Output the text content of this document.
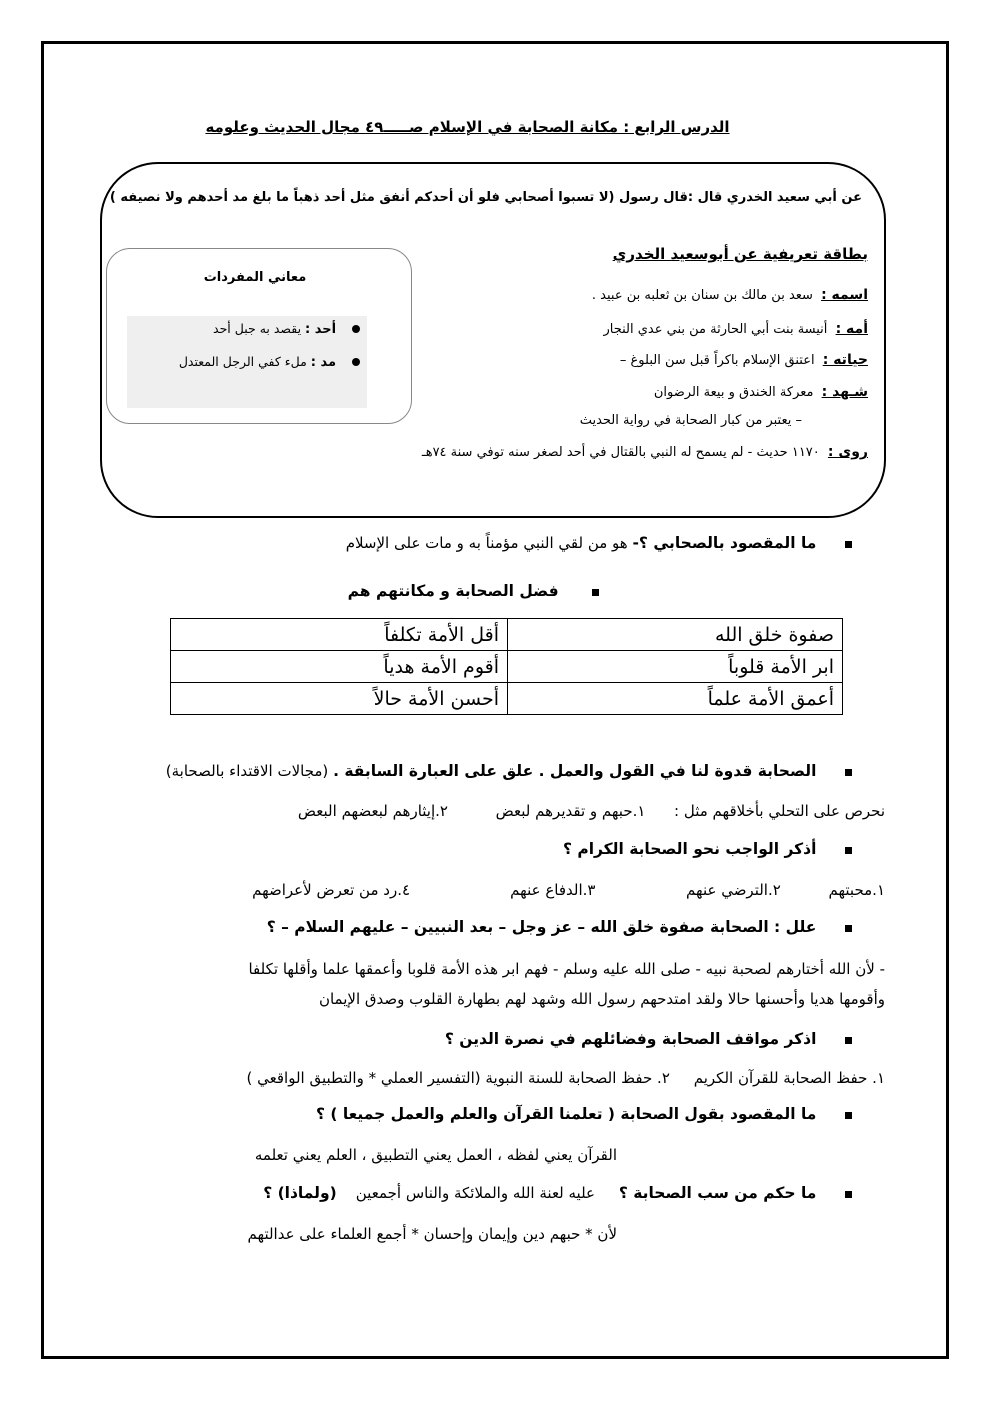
الدرس الرابع : مكانة الصحابة في الإسلام صـــــ٤٩ مجال الحديث وعلومه
عن أبي سعيد الخدري قال :قال رسول (لا تسبوا أصحابي فلو أن أحدكم أنفق مثل أحد ذهباً ما بلغ مد أحدهم ولا نصيفه )
بطاقة تعريفية عن أبوسعيد الخدري
اسمه : سعد بن مالك بن سنان بن ثعلبه بن عبيد .
أمه : أنيسة بنت أبي الحارثة من بني عدي النجار
حياته : اعتنق الإسلام باكراً قبل سن البلوغ –
شـهد : معركة الخندق و بيعة الرضوان
– يعتبر من كبار الصحابة في رواية الحديث
روى : ١١٧٠ حديث - لم يسمح له النبي بالقتال في أحد لصغر سنه توفي سنة ٧٤هـ
معاني المفردات
أحد : يقصد به جبل أحد
مد : ملء كفي الرجل المعتدل
ما المقصود بالصحابي ؟- هو من لقي النبي مؤمناً به و مات على الإسلام
فضل الصحابة و مكانتهم هم
صفوة خلق الله	أقل الأمة تكلفاً
ابر الأمة قلوباً	أقوم الأمة هدياً
أعمق الأمة علماً	أحسن الأمة حالاً
الصحابة قدوة لنا في القول والعمل . علق على العبارة السابقة . (مجالات الاقتداء بالصحابة)
نحرص على التحلي بأخلاقهم مثل :      ١.حبهم و تقديرهم لبعض          ٢.إيثارهم لبعضهم البعض
أذكر الواجب نحو الصحابة الكرام ؟
١.محبتهم          ٢.الترضي عنهم                   ٣.الدفاع عنهم                     ٤.رد من تعرض لأعراضهم
علل : الصحابة صفوة خلق الله – عز وجل – بعد النبيين – عليهم السلام – ؟
- لأن الله أختارهم لصحبة نبيه - صلى الله عليه وسلم - فهم ابر هذه الأمة قلوبا وأعمقها علما وأقلها تكلفا
وأقومها هديا وأحسنها حالا ولقد امتدحهم رسول الله وشهد لهم بطهارة القلوب وصدق الإيمان
اذكر مواقف الصحابة وفضائلهم في نصرة الدين ؟
١. حفظ الصحابة للقرآن الكريم     ٢. حفظ الصحابة للسنة النبوية (التفسير العملي * والتطبيق الواقعي )
ما المقصود بقول الصحابة ( تعلمنا القرآن والعلم والعمل جميعا ) ؟
القرآن يعني لفظه ، العمل يعني التطبيق ، العلم يعني تعلمه
ما حكم من سب الصحابة ؟     عليه لعنة الله والملائكة والناس أجمعين    (ولماذا) ؟
لأن * حبهم دين وإيمان وإحسان * أجمع العلماء على عدالتهم
